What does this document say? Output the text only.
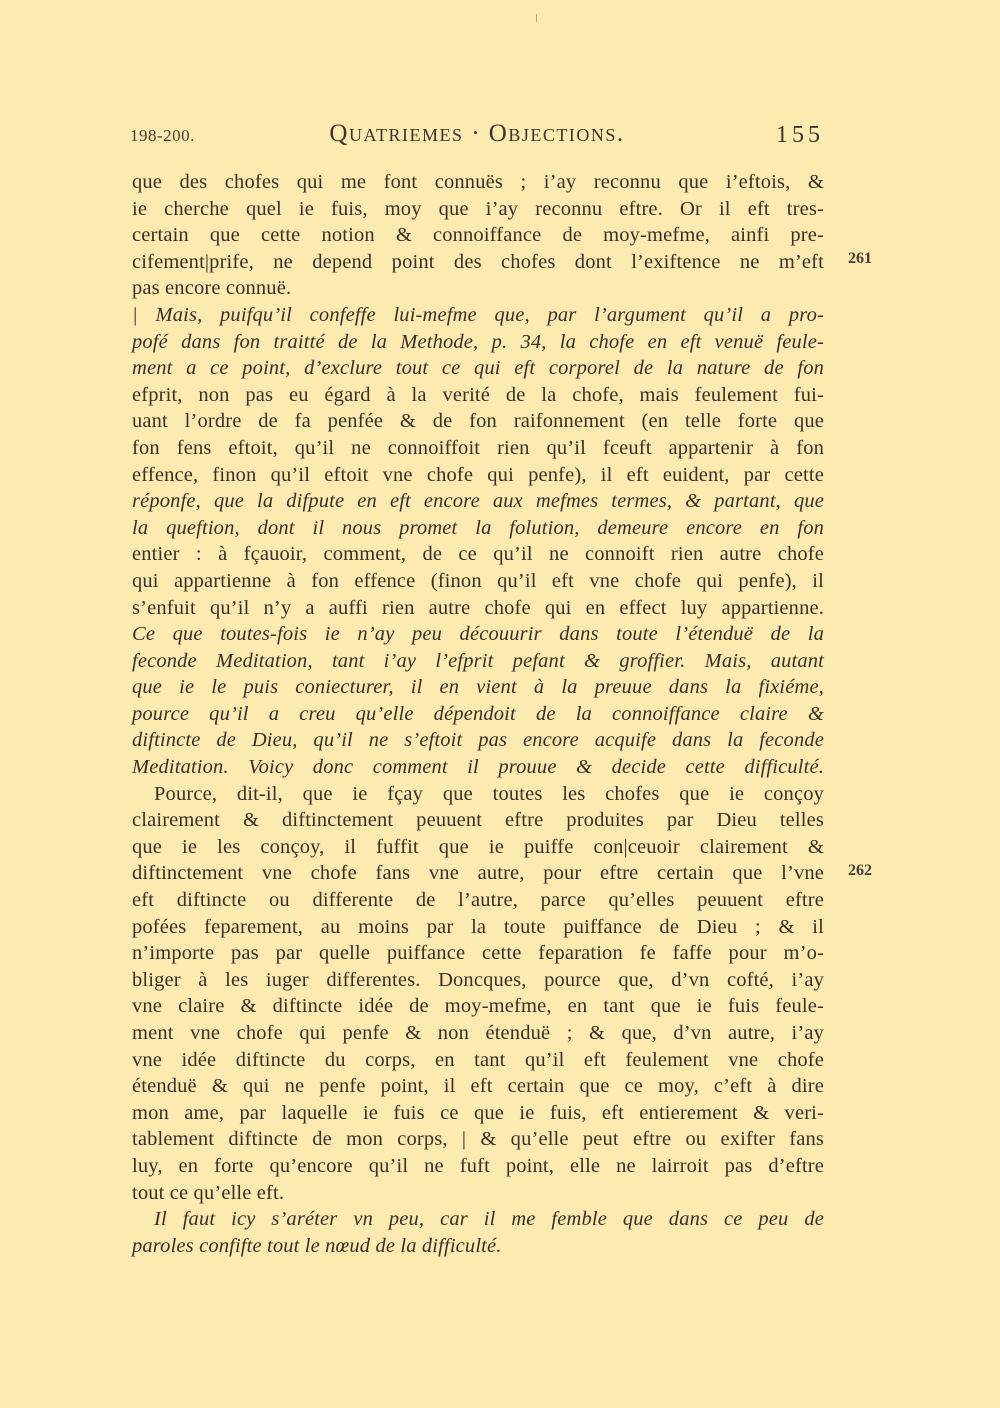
198-200.	Quatriemes · Objections.	155
261
262
que des chofes qui me font connuës ; i’ay reconnu que i’eftois, &
ie cherche quel ie fuis, moy que i’ay reconnu eftre. Or il eft tres-
certain que cette notion & connoiffance de moy-mefme, ainfi pre-
cifement|prife, ne depend point des chofes dont l’exiftence ne m’eft
pas encore connuë.
| Mais, puifqu’il confeffe lui-mefme que, par l’argument qu’il a pro-
pofé dans fon traitté de la Methode, p. 34, la chofe en eft venuë feule-
ment a ce point, d’exclure tout ce qui eft corporel de la nature de fon
efprit, non pas eu égard à la verité de la chofe, mais feulement fui-
uant l’ordre de fa penfée & de fon raifonnement (en telle forte que
fon fens eftoit, qu’il ne connoiffoit rien qu’il fceuft appartenir à fon
effence, finon qu’il eftoit vne chofe qui penfe), il eft euident, par cette
réponfe, que la difpute en eft encore aux mefmes termes, & partant, que
la queftion, dont il nous promet la folution, demeure encore en fon
entier : à fçauoir, comment, de ce qu’il ne connoift rien autre chofe
qui appartienne à fon effence (finon qu’il eft vne chofe qui penfe), il
s’enfuit qu’il n’y a auffi rien autre chofe qui en effect luy appartienne.
Ce que toutes-fois ie n’ay peu découurir dans toute l’étenduë de la
feconde Meditation, tant i’ay l’efprit pefant & groffier. Mais, autant
que ie le puis coniecturer, il en vient à la preuue dans la fixiéme,
pource qu’il a creu qu’elle dépendoit de la connoiffance claire &
diftincte de Dieu, qu’il ne s’eftoit pas encore acquife dans la feconde
Meditation. Voicy donc comment il prouue & decide cette difficulté.
Pource, dit-il, que ie fçay que toutes les chofes que ie conçoy
clairement & diftinctement peuuent eftre produites par Dieu telles
que ie les conçoy, il fuffit que ie puiffe con|ceuoir clairement &
diftinctement vne chofe fans vne autre, pour eftre certain que l’vne
eft diftincte ou differente de l’autre, parce qu’elles peuuent eftre
pofées feparement, au moins par la toute puiffance de Dieu ; & il
n’importe pas par quelle puiffance cette feparation fe faffe pour m’o-
bliger à les iuger differentes. Doncques, pource que, d’vn cofté, i’ay
vne claire & diftincte idée de moy-mefme, en tant que ie fuis feule-
ment vne chofe qui penfe & non étenduë ; & que, d’vn autre, i’ay
vne idée diftincte du corps, en tant qu’il eft feulement vne chofe
étenduë & qui ne penfe point, il eft certain que ce moy, c’eft à dire
mon ame, par laquelle ie fuis ce que ie fuis, eft entierement & veri-
tablement diftincte de mon corps, | & qu’elle peut eftre ou exifter fans
luy, en forte qu’encore qu’il ne fuft point, elle ne lairroit pas d’eftre
tout ce qu’elle eft.
Il faut icy s’aréter vn peu, car il me femble que dans ce peu de
paroles confifte tout le nœud de la difficulté.
